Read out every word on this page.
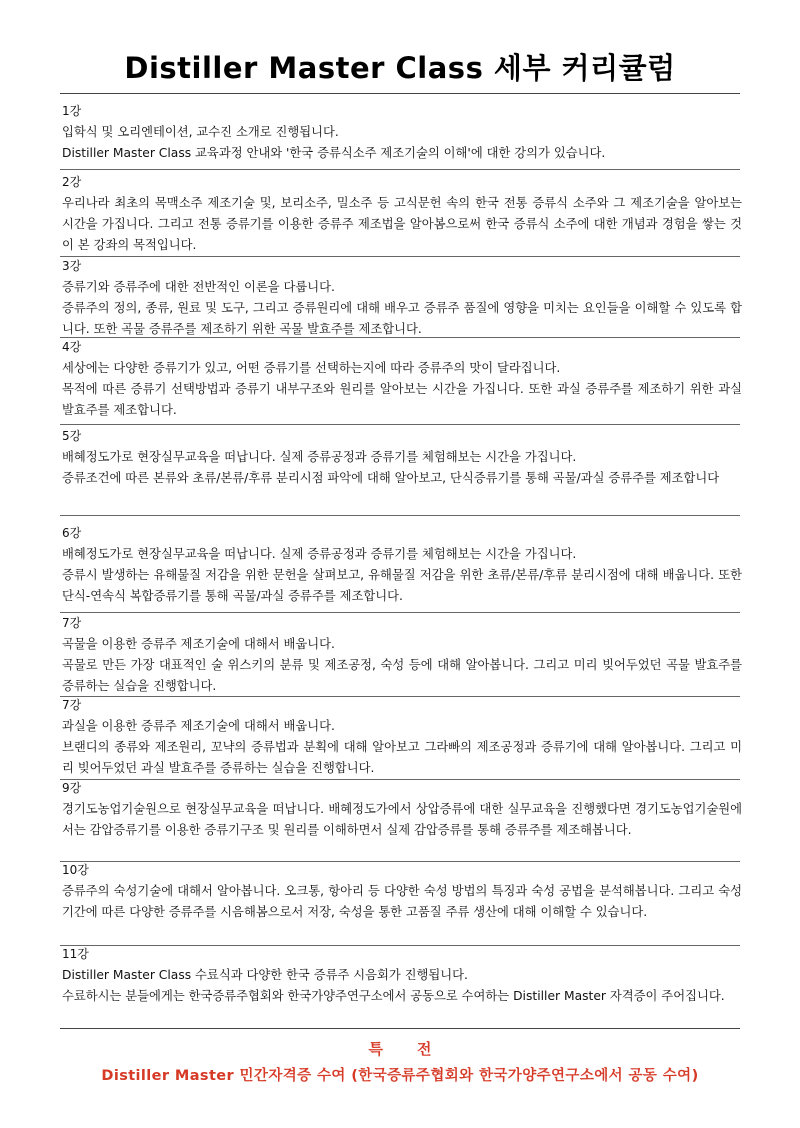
Distiller Master Class 세부 커리큘럼
1강

입학식 및 오리엔테이션, 교수진 소개로 진행됩니다.

Distiller Master Class 교육과정 안내와 '한국 증류식소주 제조기술의 이해'에 대한 강의가 있습니다.

2강

우리나라 최초의 목맥소주 제조기술 및, 보리소주, 밀소주 등 고식문헌 속의 한국 전통 증류식 소주와 그 제조기술을 알아보는 시간을 가집니다. 그리고 전통 증류기를 이용한 증류주 제조법을 알아봄으로써 한국 증류식 소주에 대한 개념과 경험을 쌓는 것이 본 강좌의 목적입니다.

3강

증류기와 증류주에 대한 전반적인 이론을 다룹니다.

증류주의 정의, 종류, 원료 및 도구, 그리고 증류원리에 대해 배우고 증류주 품질에 영향을 미치는 요인들을 이해할 수 있도록 합니다. 또한 곡물 증류주를 제조하기 위한 곡물 발효주를 제조합니다.

4강

세상에는 다양한 증류기가 있고, 어떤 증류기를 선택하는지에 따라 증류주의 맛이 달라집니다.

목적에 따른 증류기 선택방법과 증류기 내부구조와 원리를 알아보는 시간을 가집니다. 또한 과실 증류주를 제조하기 위한 과실 발효주를 제조합니다.

5강

배혜정도가로 현장실무교육을 떠납니다. 실제 증류공정과 증류기를 체험해보는 시간을 가집니다.

증류조건에 따른 본류와 초류/본류/후류 분리시점 파악에 대해 알아보고, 단식증류기를 통해 곡물/과실 증류주를 제조합니다

6강

배혜정도가로 현장실무교육을 떠납니다. 실제 증류공정과 증류기를 체험해보는 시간을 가집니다.

증류시 발생하는 유해물질 저감을 위한 문헌을 살펴보고, 유해물질 저감을 위한 초류/본류/후류 분리시점에 대해 배웁니다. 또한 단식-연속식 복합증류기를 통해 곡물/과실 증류주를 제조합니다.

7강

곡물을 이용한 증류주 제조기술에 대해서 배웁니다.

곡물로 만든 가장 대표적인 술 위스키의 분류 및 제조공정, 숙성 등에 대해 알아봅니다. 그리고 미리 빚어두었던 곡물 발효주를 증류하는 실습을 진행합니다.

7강

과실을 이용한 증류주 제조기술에 대해서 배웁니다.

브랜디의 종류와 제조원리, 꼬냑의 증류법과 분획에 대해 알아보고 그라빠의 제조공정과 증류기에 대해 알아봅니다. 그리고 미리 빚어두었던 과실 발효주를 증류하는 실습을 진행합니다.

9강

경기도농업기술원으로 현장실무교육을 떠납니다. 배혜정도가에서 상압증류에 대한 실무교육을 진행했다면 경기도농업기술원에서는 감압증류기를 이용한 증류기구조 및 원리를 이해하면서 실제 감압증류를 통해 증류주를 제조해봅니다.

10강

증류주의 숙성기술에 대해서 알아봅니다. 오크통, 항아리 등 다양한 숙성 방법의 특징과 숙성 공법을 분석해봅니다. 그리고 숙성 기간에 따른 다양한 증류주를 시음해봄으로서 저장, 숙성을 통한 고품질 주류 생산에 대해 이해할 수 있습니다.

11강

Distiller Master Class 수료식과 다양한 한국 증류주 시음회가 진행됩니다.

수료하시는 분들에게는 한국증류주협회와 한국가양주연구소에서 공동으로 수여하는 Distiller Master 자격증이 주어집니다.

특전
Distiller Master 민간자격증 수여 (한국증류주협회와 한국가양주연구소에서 공동 수여)
